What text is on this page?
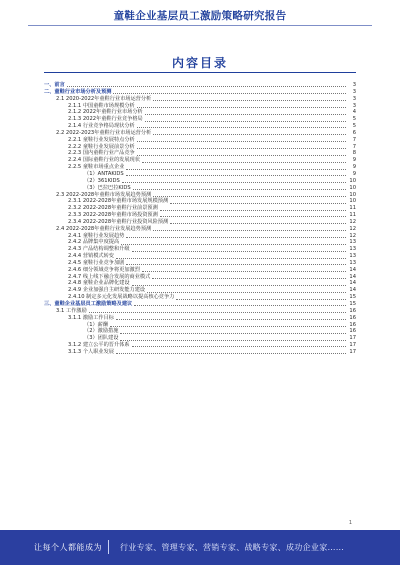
童鞋企业基层员工激励策略研究报告
内容目录
一、前言	3
二、童鞋行业市场分析及预测	3
2.1 2020-2022年童鞋行业市场运营分析	3
2.1.1 中国童鞋市场规模分析	3
2.1.2 2022年童鞋行业市场分析	4
2.1.3 2022年童鞋行业竞争格局	5
2.1.4 行业竞争格局现状分析	5
2.2 2022-2023年童鞋行业市场运营分析	6
2.2.1 童鞋行业发展特点分析	7
2.2.2 童鞋行业发展前景分析	7
2.2.3 国内童鞋行业产品竞争	8
2.2.4 国际童鞋行业的发展现状	9
2.2.5 童鞋市场重点企业	9
（1）ANTAKIDS	9
（2）361KIDS	10
（3）巴拉巴拉KIDS	10
2.3 2022-2028年童鞋市场发展趋势预测	10
2.3.1 2022-2028年童鞋市场发展规模预测	10
2.3.2 2022-2028年童鞋行业前景预测	11
2.3.3 2022-2028年童鞋市场投资预测	11
2.3.4 2022-2028年童鞋行业投资风险预测	12
2.4 2022-2028年童鞋行业发展趋势预测	12
2.4.1 童鞋行业发展趋势	12
2.4.2 品牌集中度提高	13
2.4.3 产品结构调整和升级	13
2.4.4 营销模式转变	13
2.4.5 童鞋行业竞争加剧	13
2.4.6 细分领域竞争将更加激烈	14
2.4.7 线上线下融合发展的商业模式	14
2.4.8 童鞋企业品牌化建设	14
2.4.9 企业加强自主研发能力建设	14
2.4.10 制定多元化发展战略以提高核心竞争力	15
三、童鞋企业基层员工激励策略及建议	15
3.1 工作激励	16
3.1.1 激励工作目标	16
（1）薪酬	16
（2）激励措施	16
（3）团队建设	17
3.1.2 建立公平的晋升体系	17
3.1.3 个人职业发展	17
1
让每个人都能成为 行业专家、管理专家、营销专家、战略专家、成功企业家……
